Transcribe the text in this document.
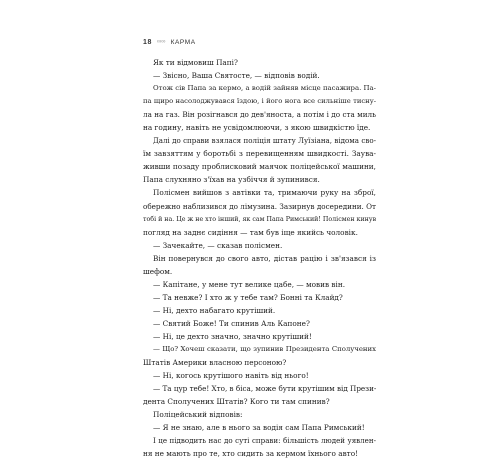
18 ∞∞ КАРМА
Як ти відмовиш Папі?
— Звісно, Ваша Святосте, — відповів водій.
Отож сів Папа за кермо, а водій зайняв місце пасажира. Па-
па щиро насолоджувався їздою, і його нога все сильніше тисну-
ла на газ. Він розігнався до дев'яноста, а потім і до ста миль
на годину, навіть не усвідомлюючи, з якою швидкістю їде.
Далі до справи взялася поліція штату Луїзіана, відома сво-
їм завзяттям у боротьбі з перевищенням швидкості. Заува-
живши позаду проблисковий маячок поліцейської машини,
Папа слухняно з'їхав на узбіччя й зупинився.
Полісмен вийшов з автівки та, тримаючи руку на зброї,
обережно наблизився до лімузина. Зазирнув досередини. От
тобі й на. Це ж не хто інший, як сам Папа Римський! Полісмен кинув
погляд на заднє сидіння — там був іще якийсь чоловік.
— Зачекайте, — сказав полісмен.
Він повернувся до свого авто, дістав рацію і зв'язався із
шефом.
— Капітане, у мене тут велике цабе, — мовив він.
— Та невже? І хто ж у тебе там? Бонні та Клайд?
— Ні, дехто набагато крутіший.
— Святий Боже! Ти спинив Аль Капоне?
— Ні, це дехто значно, значно крутіший!
— Що? Хочеш сказати, що зупинив Президента Сполучених
Штатів Америки власною персоною?
— Ні, когось крутішого навіть від нього!
— Та цур тебе! Хто, в біса, може бути крутішим від Прези-
дента Сполучених Штатів? Кого ти там спинив?
Поліцейський відповів:
— Я не знаю, але в нього за водія сам Папа Римський!
І це підводить нас до суті справи: більшість людей уявлен-
ня не мають про те, хто сидить за кермом їхнього авто!
